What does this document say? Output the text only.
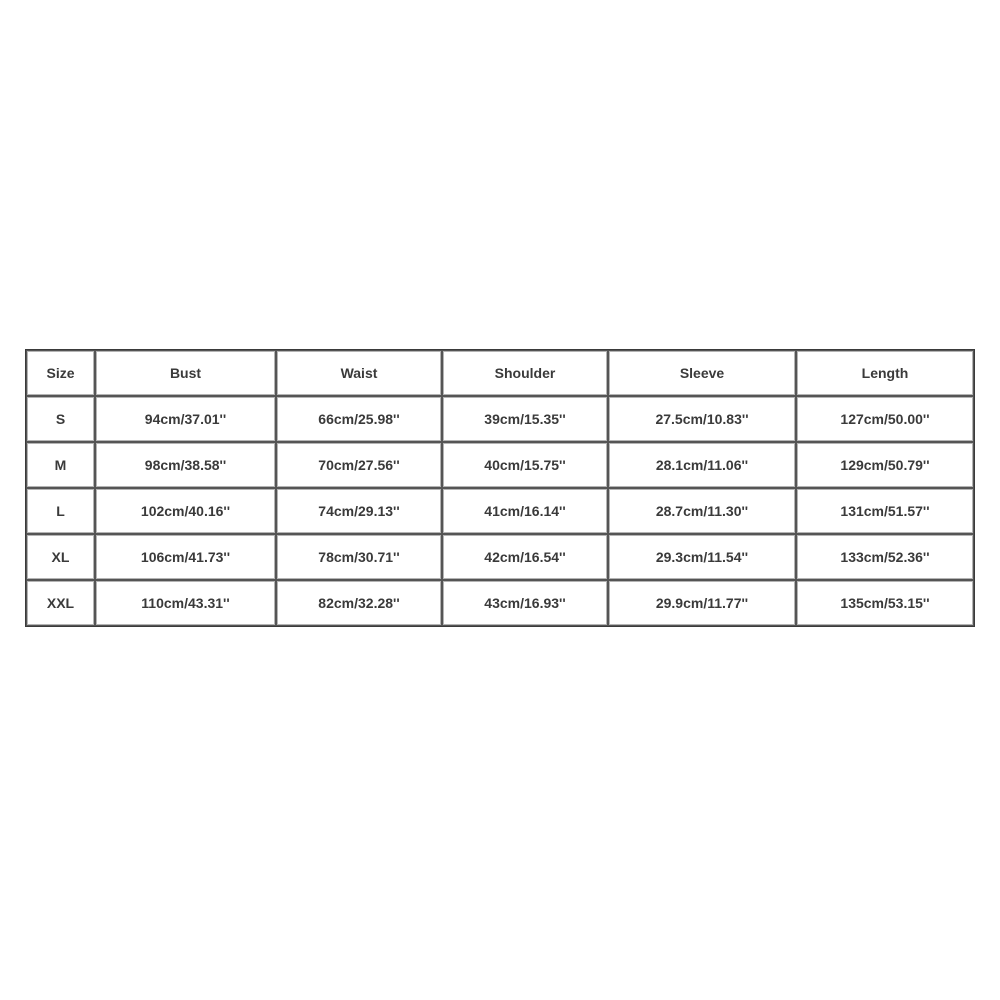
Size	Bust	Waist	Shoulder	Sleeve	Length
S	94cm/37.01''	66cm/25.98''	39cm/15.35''	27.5cm/10.83''	127cm/50.00''
M	98cm/38.58''	70cm/27.56''	40cm/15.75''	28.1cm/11.06''	129cm/50.79''
L	102cm/40.16''	74cm/29.13''	41cm/16.14''	28.7cm/11.30''	131cm/51.57''
XL	106cm/41.73''	78cm/30.71''	42cm/16.54''	29.3cm/11.54''	133cm/52.36''
XXL	110cm/43.31''	82cm/32.28''	43cm/16.93''	29.9cm/11.77''	135cm/53.15''
